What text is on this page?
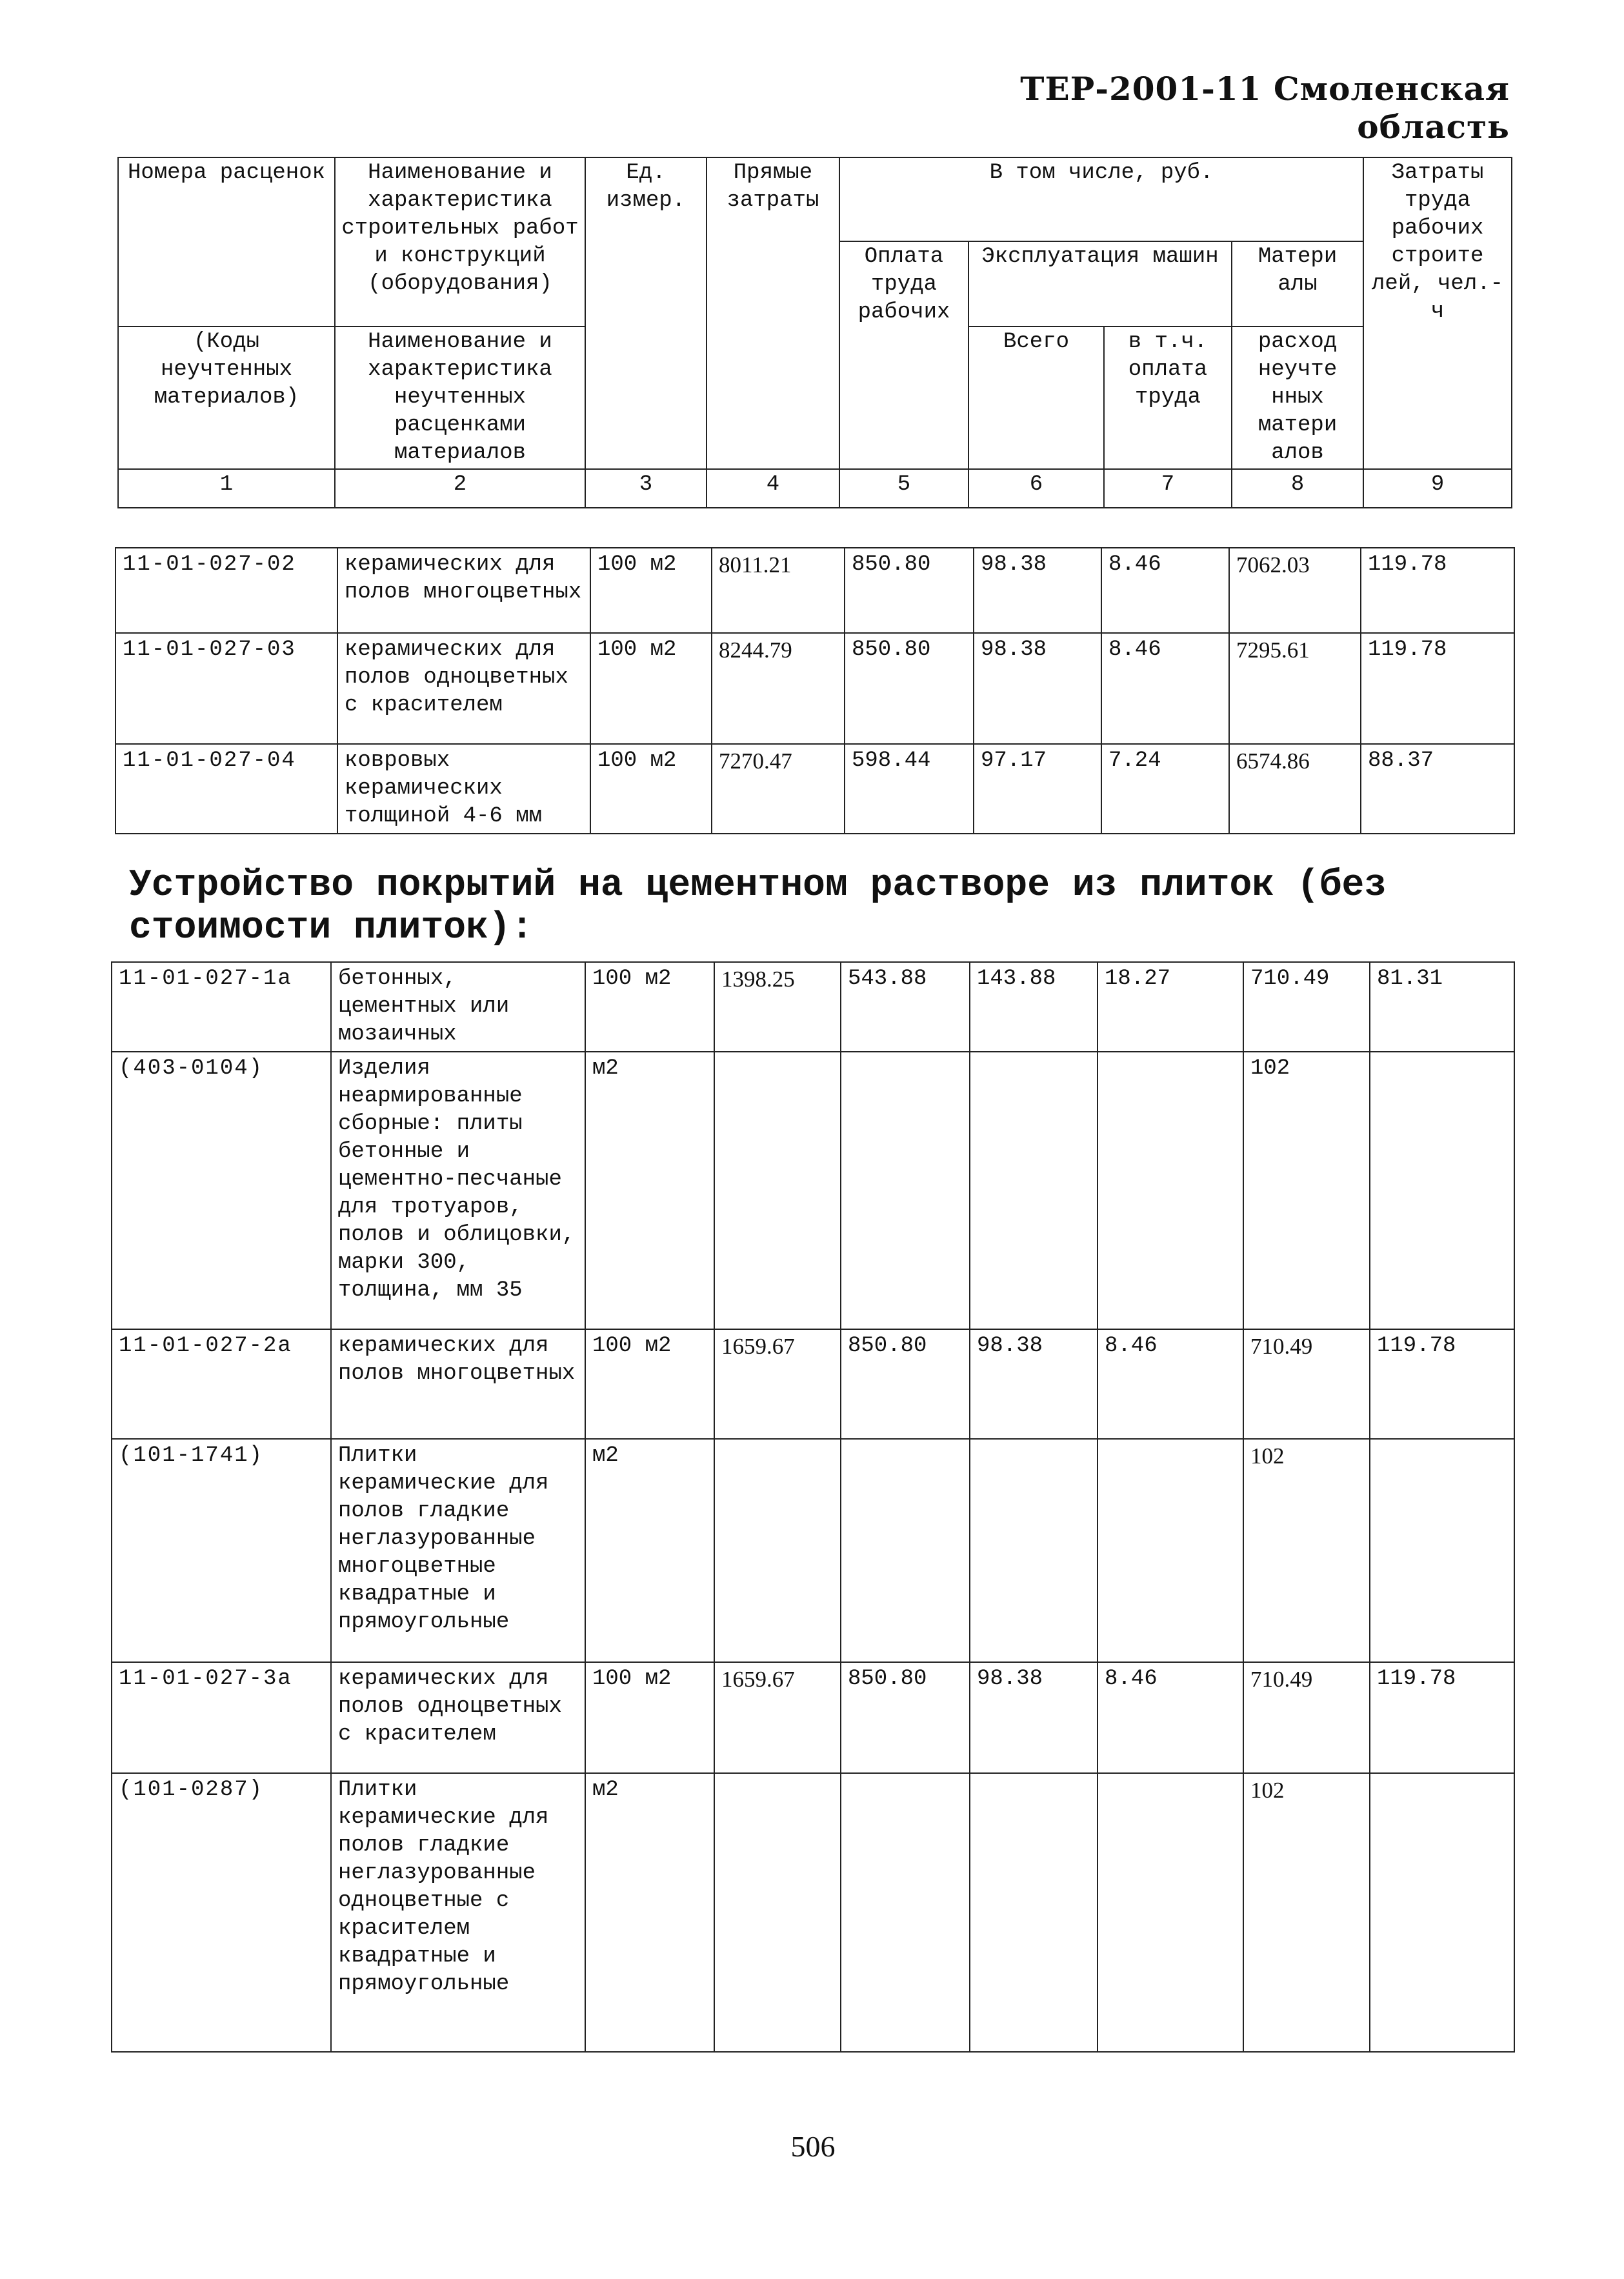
ТЕР-2001-11 Смоленская область
Номера расценок	Наименование и характеристика строительных работ и конструкций (оборудования)	Ед. измер.	Прямые затраты	В том числе, руб.				Затраты труда рабочих строите лей, чел.-ч
				Оплата труда рабочих	Эксплуатация машин		Матери алы	
(Коды неучтенных материалов)	Наименование и характеристика неучтенных расценками материалов				Всего	в т.ч. оплата труда	расход неучте нных матери алов	

1	2	3	4	5	6	7	8	9
11-01-027-02	керамических для полов многоцветных	100 м2	8011.21	850.80	98.38	8.46	7062.03	119.78
11-01-027-03	керамических для полов одноцветных с красителем	100 м2	8244.79	850.80	98.38	8.46	7295.61	119.78
11-01-027-04	ковровых керамических толщиной 4-6 мм	100 м2	7270.47	598.44	97.17	7.24	6574.86	88.37
Устройство покрытий на цементном растворе из плиток (без
стоимости плиток):
11-01-027-1а	бетонных, цементных или мозаичных	100 м2	1398.25	543.88	143.88	18.27	710.49	81.31
(403-0104)	Изделия неармированные сборные: плиты бетонные и цементно-песчаные для тротуаров, полов и облицовки, марки 300, толщина, мм 35	м2					102	
11-01-027-2а	керамических для полов многоцветных	100 м2	1659.67	850.80	98.38	8.46	710.49	119.78
(101-1741)	Плитки керамические для полов гладкие неглазурованные многоцветные квадратные и прямоугольные	м2					102	
11-01-027-3а	керамических для полов одноцветных с красителем	100 м2	1659.67	850.80	98.38	8.46	710.49	119.78
(101-0287)	Плитки керамические для полов гладкие неглазурованные одноцветные с красителем квадратные и прямоугольные	м2					102	
506
